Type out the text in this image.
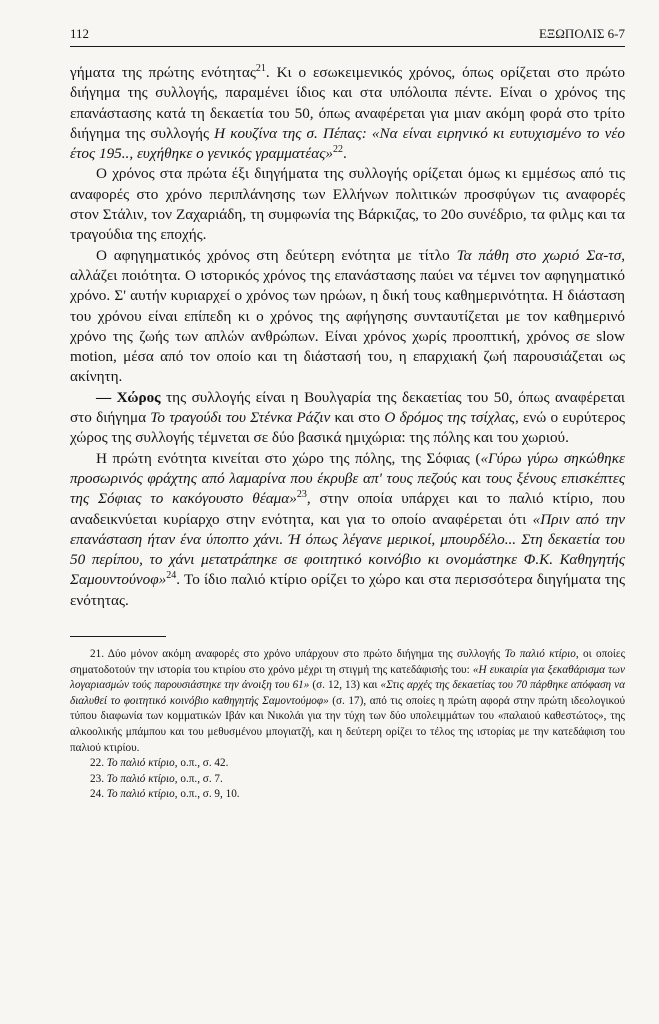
112	ΕΞΩΠΟΛΙΣ 6-7

γήματα της πρώτης ενότητας$^{21}$. Κι ο εσωκειμενικός χρόνος, όπως ορίζεται στο πρώτο διήγημα της συλλογής, παραμένει ίδιος και στα υπόλοιπα πέντε. Είναι ο χρόνος της επανάστασης κατά τη δεκαετία του 50, όπως αναφέρεται για μιαν ακόμη φορά στο τρίτο διήγημα της συλλογής Η κουζίνα της σ. Πέπας: «Να είναι ειρηνικό κι ευτυχισμένο το νέο έτος 195.., ευχήθηκε ο γενικός γραμματέας»$^{22}$.

Ο χρόνος στα πρώτα έξι διηγήματα της συλλογής ορίζεται όμως κι εμμέσως από τις αναφορές στο χρόνο περιπλάνησης των Ελλήνων πολιτικών προσφύγων τις αναφορές στον Στάλιν, τον Ζαχαριάδη, τη συμφωνία της Βάρκιζας, το 20ο συνέδριο, τα φιλμς και τα τραγούδια της εποχής.

Ο αφηγηματικός χρόνος στη δεύτερη ενότητα με τίτλο Τα πάθη στο χωριό Σα-τσ, αλλάζει ποιότητα. Ο ιστορικός χρόνος της επανάστασης παύει να τέμνει τον αφηγηματικό χρόνο. Σ' αυτήν κυριαρχεί ο χρόνος των ηρώων, η δική τους καθημερινότητα. Η διάσταση του χρόνου είναι επίπεδη κι ο χρόνος της αφήγησης συνταυτίζεται με τον καθημερινό χρόνο της ζωής των απλών ανθρώπων. Είναι χρόνος χωρίς προοπτική, χρόνος σε slow motion, μέσα από τον οποίο και τη διάστασή του, η επαρχιακή ζωή παρουσιάζεται ως ακίνητη.

— Χώρος της συλλογής είναι η Βουλγαρία της δεκαετίας του 50, όπως αναφέρεται στο διήγημα Το τραγούδι του Στένκα Ράζιν και στο Ο δρόμος της τσίχλας, ενώ ο ευρύτερος χώρος της συλλογής τέμνεται σε δύο βασικά ημιχώρια: της πόλης και του χωριού.

Η πρώτη ενότητα κινείται στο χώρο της πόλης, της Σόφιας («Γύρω γύρω σηκώθηκε προσωρινός φράχτης από λαμαρίνα που έκρυβε απ' τους πεζούς και τους ξένους επισκέπτες της Σόφιας το κακόγουστο θέαμα»$^{23}$, στην οποία υπάρχει και το παλιό κτίριο, που αναδεικνύεται κυρίαρχο στην ενότητα, και για το οποίο αναφέρεται ότι «Πριν από την επανάσταση ήταν ένα ύποπτο χάνι. Ή όπως λέγανε μερικοί, μπουρδέλο... Στη δεκαετία του 50 περίπου, το χάνι μετατράπηκε σε φοιτητικό κοινόβιο κι ονομάστηκε Φ.Κ. Καθηγητής Σαμουντούνοφ»$^{24}$. Το ίδιο παλιό κτίριο ορίζει το χώρο και στα περισσότερα διηγήματα της ενότητας.

21. Δύο μόνον ακόμη αναφορές στο χρόνο υπάρχουν στο πρώτο διήγημα της συλλογής Το παλιό κτίριο, οι οποίες σηματοδοτούν την ιστορία του κτιρίου στο χρόνο μέχρι τη στιγμή της κατεδάφισής του: «Η ευκαιρία για ξεκαθάρισμα των λογαριασμών τούς παρουσιάστηκε την άνοιξη του 61» (σ. 12, 13) και «Στις αρχές της δεκαετίας του 70 πάρθηκε απόφαση να διαλυθεί το φοιτητικό κοινόβιο καθηγητής Σαμοντούμοφ» (σ. 17), από τις οποίες η πρώτη αφορά στην πρώτη ιδεολογικού τύπου διαφωνία των κομματικών Ιβάν και Νικολάι για την τύχη των δύο υπολειμμάτων του «παλαιού καθεστώτος», της αλκοολικής μπάμπου και του μεθυσμένου μπογιατζή, και η δεύτερη ορίζει το τέλος της ιστορίας με την κατεδάφιση του παλιού κτιρίου.

22. Το παλιό κτίριο, ο.π., σ. 42.

23. Το παλιό κτίριο, ο.π., σ. 7.

24. Το παλιό κτίριο, ο.π., σ. 9, 10.
